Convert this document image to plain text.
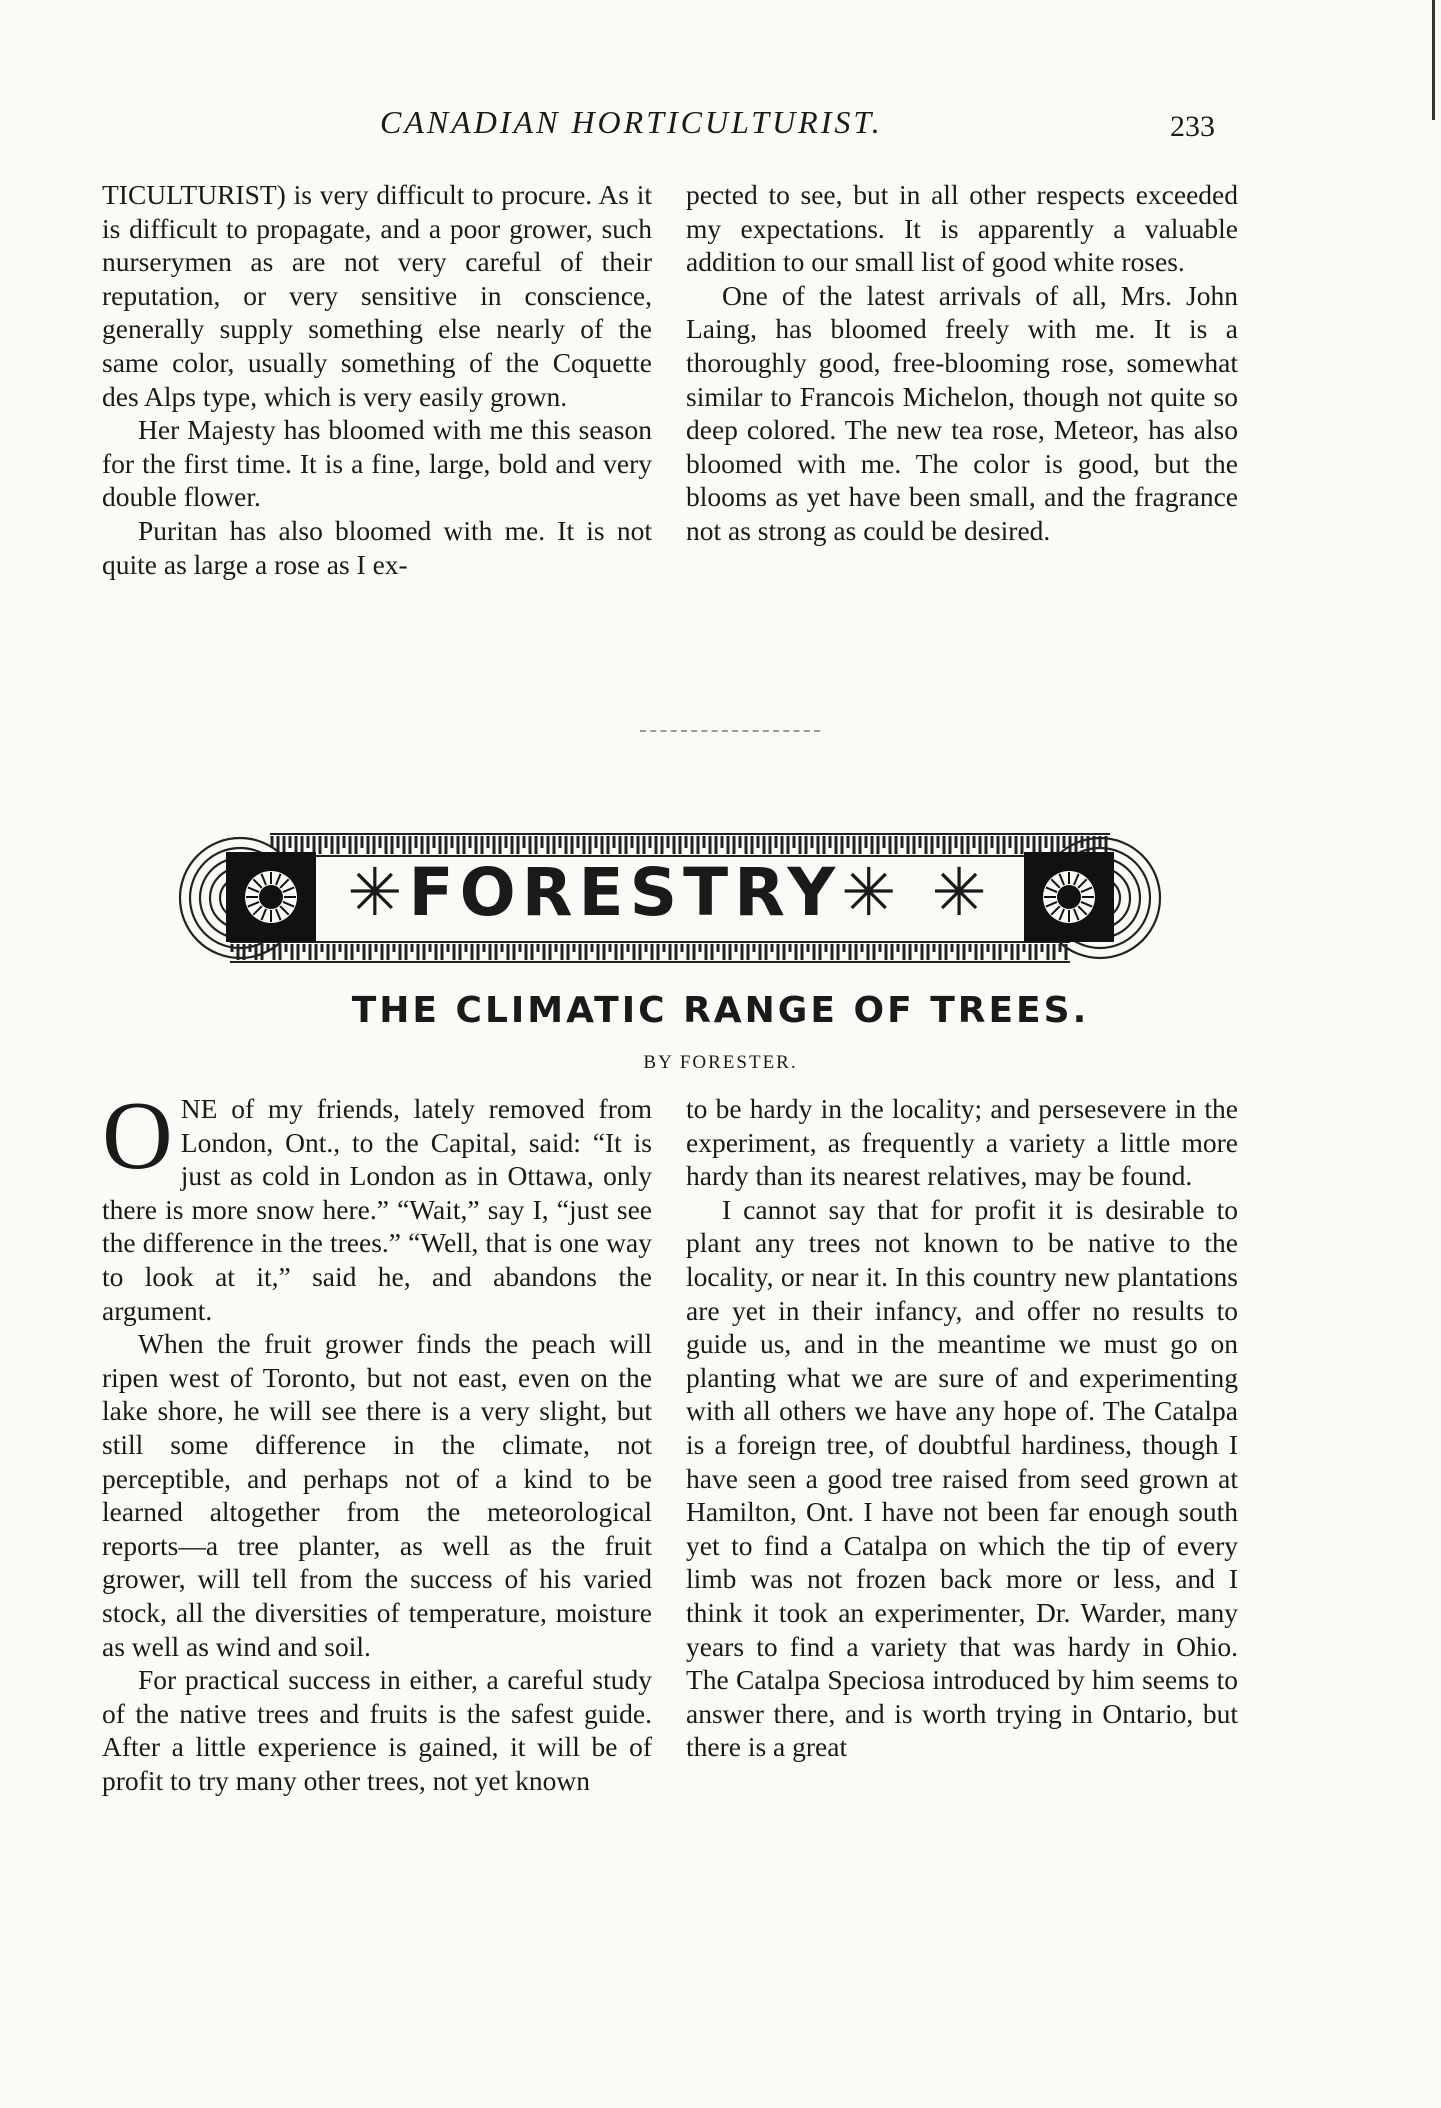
CANADIAN HORTICULTURIST.	233

TICULTURIST) is very difficult to procure. As it is difficult to propagate, and a poor grower, such nurserymen as are not very careful of their reputation, or very sensitive in conscience, generally supply something else nearly of the same color, usually something of the Coquette des Alps type, which is very easily grown.

Her Majesty has bloomed with me this season for the first time. It is a fine, large, bold and very double flower.

Puritan has also bloomed with me. It is not quite as large a rose as I ex-

pected to see, but in all other respects exceeded my expectations. It is apparently a valuable addition to our small list of good white roses.

One of the latest arrivals of all, Mrs. John Laing, has bloomed freely with me. It is a thoroughly good, free-blooming rose, somewhat similar to Francois Michelon, though not quite so deep colored. The new tea rose, Meteor, has also bloomed with me. The color is good, but the blooms as yet have been small, and the fragrance not as strong as could be desired.

✳FORESTRY✳ ✳
THE CLIMATIC RANGE OF TREES.
BY FORESTER.

ONE of my friends, lately removed from London, Ont., to the Capital, said: “It is just as cold in London as in Ottawa, only there is more snow here.” “Wait,” say I, “just see the difference in the trees.” “Well, that is one way to look at it,” said he, and abandons the argument.

When the fruit grower finds the peach will ripen west of Toronto, but not east, even on the lake shore, he will see there is a very slight, but still some difference in the climate, not perceptible, and perhaps not of a kind to be learned altogether from the meteorological reports—a tree planter, as well as the fruit grower, will tell from the success of his varied stock, all the diversities of temperature, moisture as well as wind and soil.

For practical success in either, a careful study of the native trees and fruits is the safest guide. After a little experience is gained, it will be of profit to try many other trees, not yet known

to be hardy in the locality; and persesevere in the experiment, as frequently a variety a little more hardy than its nearest relatives, may be found.

I cannot say that for profit it is desirable to plant any trees not known to be native to the locality, or near it. In this country new plantations are yet in their infancy, and offer no results to guide us, and in the meantime we must go on planting what we are sure of and experimenting with all others we have any hope of. The Catalpa is a foreign tree, of doubtful hardiness, though I have seen a good tree raised from seed grown at Hamilton, Ont. I have not been far enough south yet to find a Catalpa on which the tip of every limb was not frozen back more or less, and I think it took an experimenter, Dr. Warder, many years to find a variety that was hardy in Ohio. The Catalpa Speciosa introduced by him seems to answer there, and is worth trying in Ontario, but there is a great
